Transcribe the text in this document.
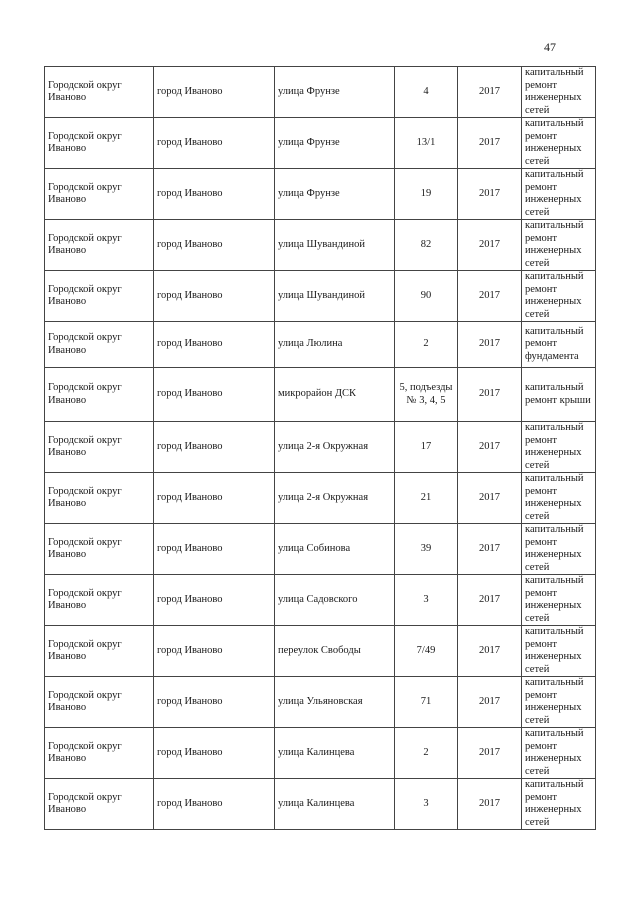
47
Городской округ Иваново	город Иваново	улица Фрунзе	4	2017	капитальный ремонт инженерных сетей
Городской округ Иваново	город Иваново	улица Фрунзе	13/1	2017	капитальный ремонт инженерных сетей
Городской округ Иваново	город Иваново	улица Фрунзе	19	2017	капитальный ремонт инженерных сетей
Городской округ Иваново	город Иваново	улица Шувандиной	82	2017	капитальный ремонт инженерных сетей
Городской округ Иваново	город Иваново	улица Шувандиной	90	2017	капитальный ремонт инженерных сетей
Городской округ Иваново	город Иваново	улица Люлина	2	2017	капитальный ремонт фундамента
Городской округ Иваново	город Иваново	микрорайон ДСК	5, подъезды № 3, 4, 5	2017	капитальный ремонт крыши
Городской округ Иваново	город Иваново	улица 2-я Окружная	17	2017	капитальный ремонт инженерных сетей
Городской округ Иваново	город Иваново	улица 2-я Окружная	21	2017	капитальный ремонт инженерных сетей
Городской округ Иваново	город Иваново	улица Собинова	39	2017	капитальный ремонт инженерных сетей
Городской округ Иваново	город Иваново	улица Садовского	3	2017	капитальный ремонт инженерных сетей
Городской округ Иваново	город Иваново	переулок Свободы	7/49	2017	капитальный ремонт инженерных сетей
Городской округ Иваново	город Иваново	улица Ульяновская	71	2017	капитальный ремонт инженерных сетей
Городской округ Иваново	город Иваново	улица Калинцева	2	2017	капитальный ремонт инженерных сетей
Городской округ Иваново	город Иваново	улица Калинцева	3	2017	капитальный ремонт инженерных сетей
